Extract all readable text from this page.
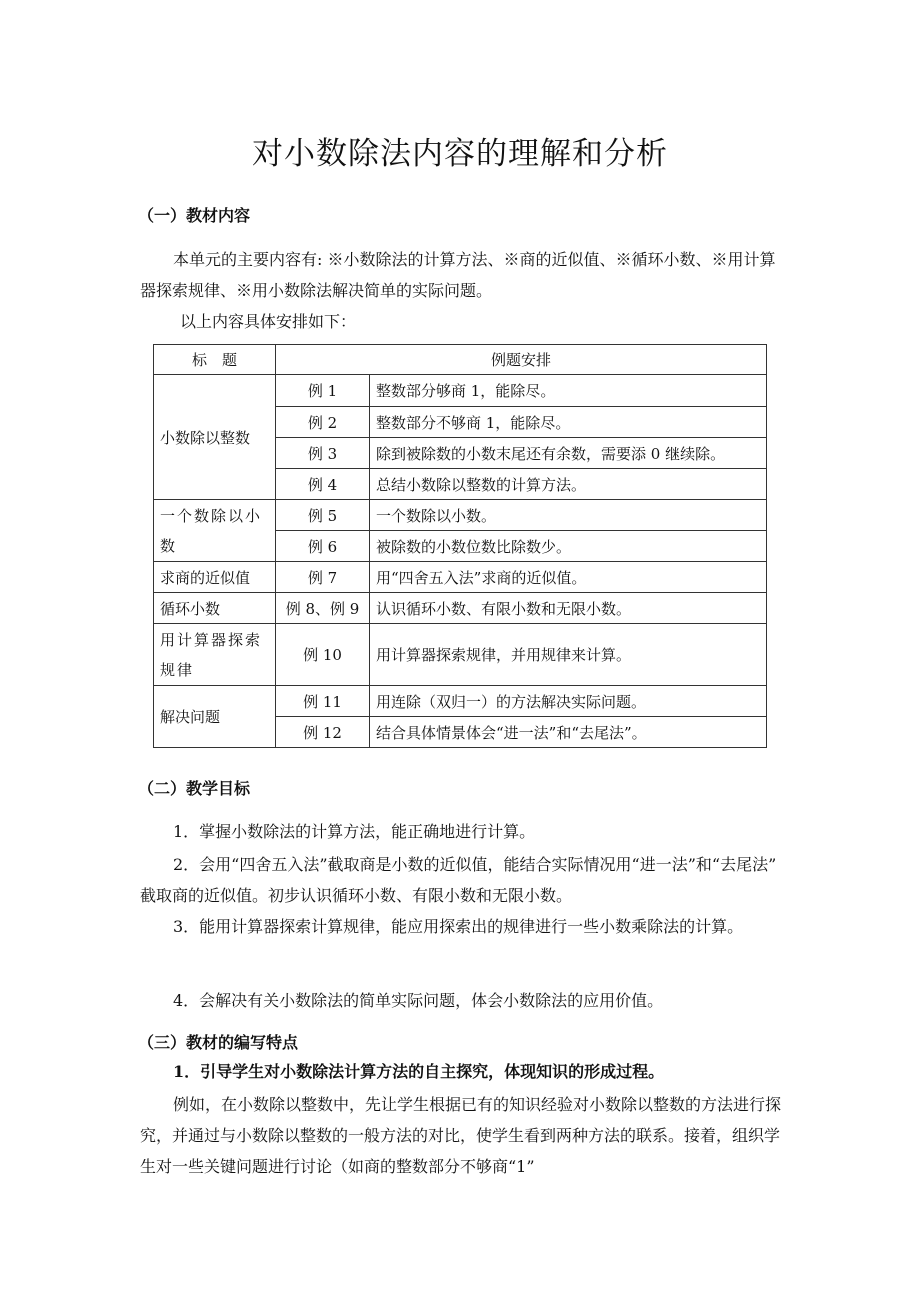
对小数除法内容的理解和分析
（一）教材内容
本单元的主要内容有: ※小数除法的计算方法、※商的近似值、※循环小数、※用计算器探索规律、※用小数除法解决简单的实际问题。
以上内容具体安排如下：
标　题	例题安排	
小数除以整数	例 1	整数部分够商 1，能除尽。
	例 2	整数部分不够商 1，能除尽。
	例 3	除到被除数的小数末尾还有余数，需要添 0 继续除。
	例 4	总结小数除以整数的计算方法。
一个数除以小数	例 5	一个数除以小数。
	例 6	被除数的小数位数比除数少。
求商的近似值	例 7	用“四舍五入法”求商的近似值。
循环小数	例 8、例 9	认识循环小数、有限小数和无限小数。
用计算器探索规律	例 10	用计算器探索规律，并用规律来计算。
解决问题	例 11	用连除（双归一）的方法解决实际问题。
	例 12	结合具体情景体会“进一法”和“去尾法”。
（二）教学目标
1．掌握小数除法的计算方法，能正确地进行计算。
2．会用“四舍五入法”截取商是小数的近似值，能结合实际情况用“进一法”和“去尾法”　截取商的近似值。初步认识循环小数、有限小数和无限小数。
3．能用计算器探索计算规律，能应用探索出的规律进行一些小数乘除法的计算。
4．会解决有关小数除法的简单实际问题，体会小数除法的应用价值。
（三）教材的编写特点
1．引导学生对小数除法计算方法的自主探究，体现知识的形成过程。
例如，在小数除以整数中，先让学生根据已有的知识经验对小数除以整数的方法进行探究，并通过与小数除以整数的一般方法的对比，使学生看到两种方法的联系。接着，组织学生对一些关键问题进行讨论（如商的整数部分不够商“1”
